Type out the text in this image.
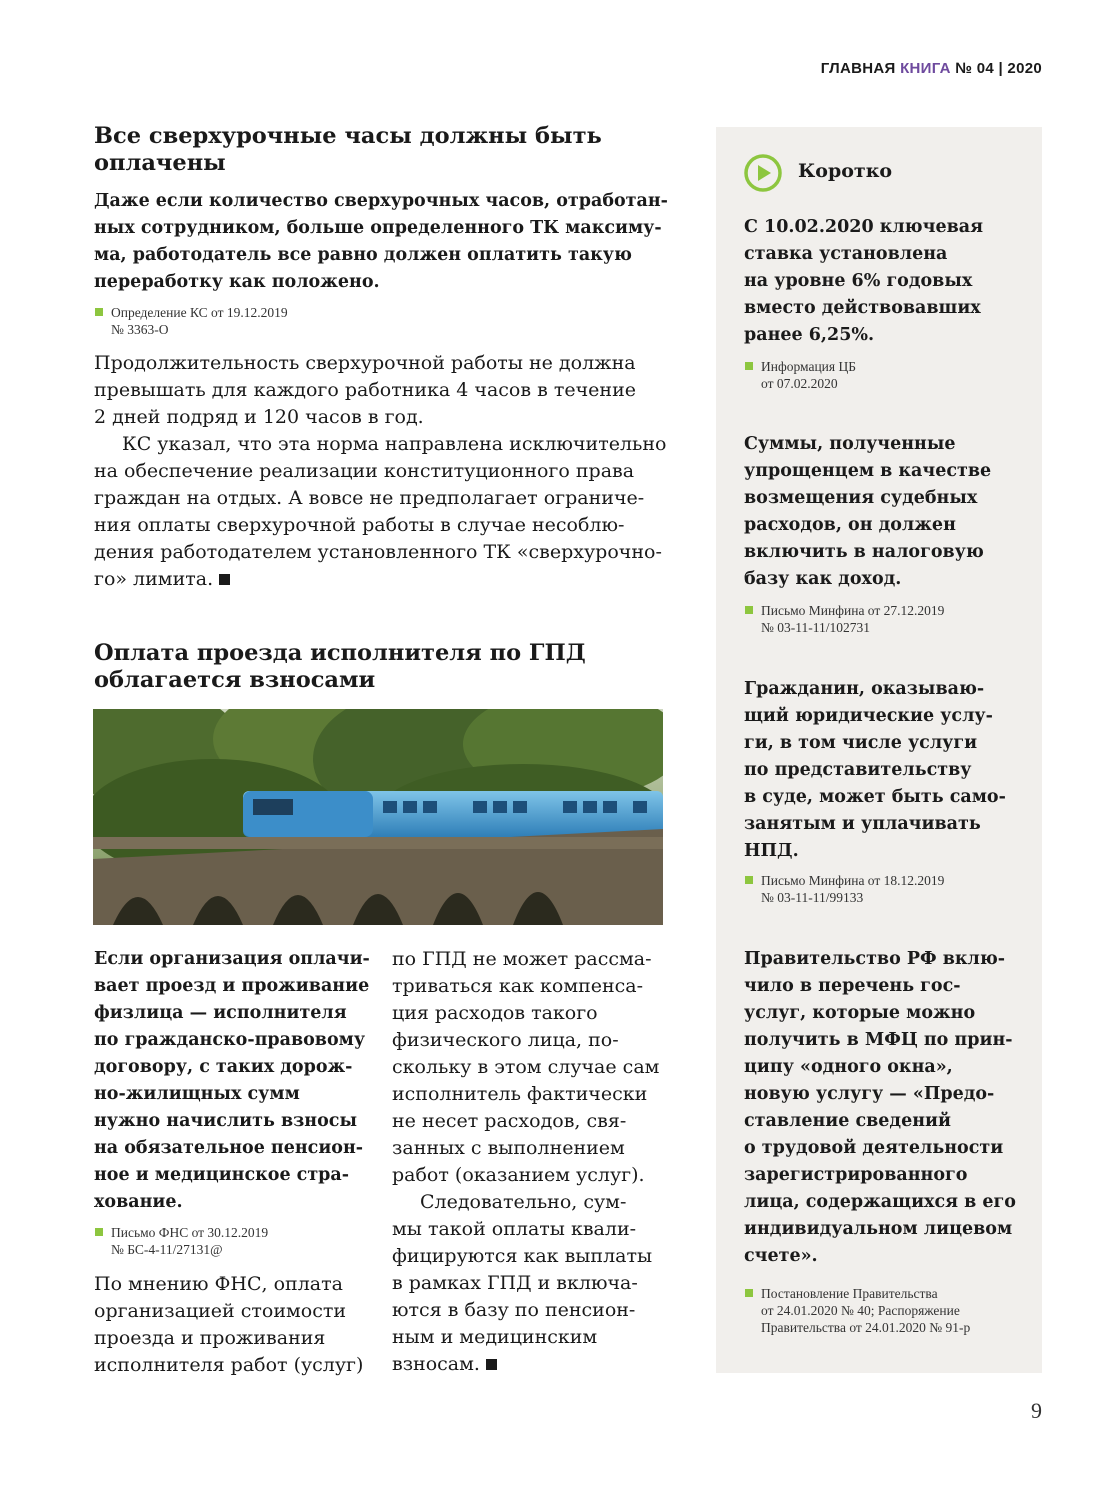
ГЛАВНАЯ КНИГА № 04 | 2020
Все сверхурочные часы должны быть
оплачены

Даже если количество сверхурочных часов, отработан-
ных сотрудником, больше определенного ТК максиму-
ма, работодатель все равно должен оплатить такую
переработку как положено.

Определение КС от 19.12.2019
№ 3363-О

Продолжительность сверхурочной работы не должна
превышать для каждого работника 4 часов в течение
2 дней подряд и 120 часов в год.

КС указал, что эта норма направлена исключительно
на обеспечение реализации конституционного права
граждан на отдых. А вовсе не предполагает ограниче-
ния оплаты сверхурочной работы в случае несоблю-
дения работодателем установленного ТК «сверхурочно-
го» лимита.

Оплата проезда исполнителя по ГПД
облагается взносами

Если организация оплачи-
вает проезд и проживание
физлица — исполнителя
по гражданско-правовому
договору, с таких дорож-
но-жилищных сумм
нужно начислить взносы
на обязательное пенсион-
ное и медицинское стра-
хование.

Письмо ФНС от 30.12.2019
№ БС-4-11/27131@

По мнению ФНС, оплата
организацией стоимости
проезда и проживания
исполнителя работ (услуг)

по ГПД не может рассма-
триваться как компенса-
ция расходов такого
физического лица, по-
скольку в этом случае сам
исполнитель фактически
не несет расходов, свя-
занных с выполнением
работ (оказанием услуг).
Следовательно, сум-
мы такой оплаты квали-
фицируются как выплаты
в рамках ГПД и включа-
ются в базу по пенсион-
ным и медицинским
взносам.

Коротко

С 10.02.2020 ключевая
ставка установлена
на уровне 6% годовых
вместо действовавших
ранее 6,25%.

Информация ЦБ
от 07.02.2020

Суммы, полученные
упрощенцем в качестве
возмещения судебных
расходов, он должен
включить в налоговую
базу как доход.

Письмо Минфина от 27.12.2019
№ 03-11-11/102731

Гражданин, оказываю-
щий юридические услу-
ги, в том числе услуги
по представительству
в суде, может быть само-
занятым и уплачивать
НПД.

Письмо Минфина от 18.12.2019
№ 03-11-11/99133

Правительство РФ вклю-
чило в перечень гос-
услуг, которые можно
получить в МФЦ по прин-
ципу «одного окна»,
новую услугу — «Предо-
ставление сведений
о трудовой деятельности
зарегистрированного
лица, содержащихся в его
индивидуальном лицевом
счете».

Постановление Правительства
от 24.01.2020 № 40; Распоряжение
Правительства от 24.01.2020 № 91-р
9
